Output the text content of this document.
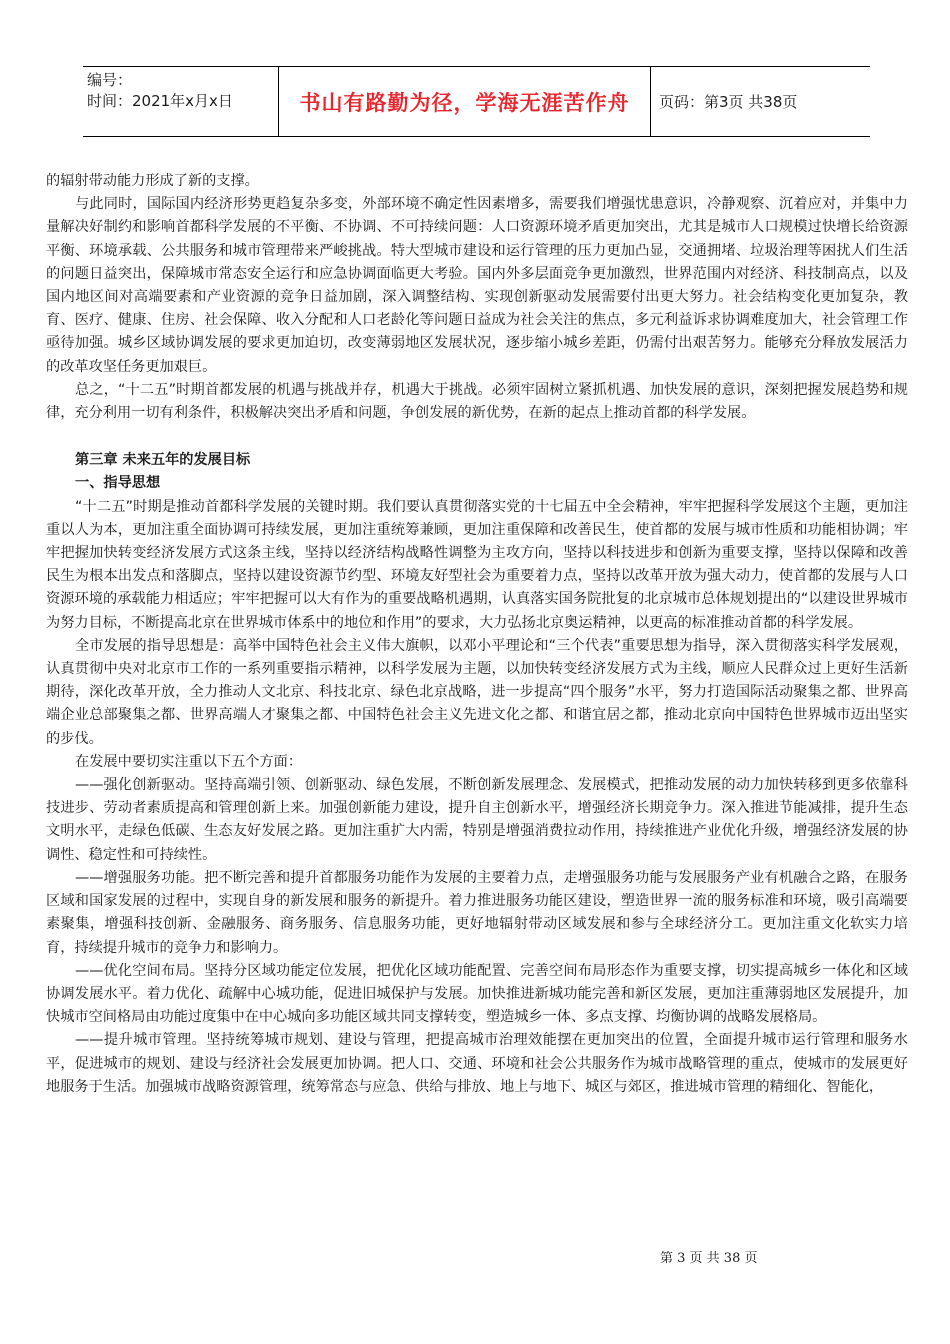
编号：
时间：2021年x月x日	书山有路勤为径，学海无涯苦作舟	页码：第3页 共38页

的辐射带动能力形成了新的支撑。

与此同时，国际国内经济形势更趋复杂多变，外部环境不确定性因素增多，需要我们增强忧患意识，冷静观察、沉着应对，并集中力量解决好制约和影响首都科学发展的不平衡、不协调、不可持续问题：人口资源环境矛盾更加突出，尤其是城市人口规模过快增长给资源平衡、环境承载、公共服务和城市管理带来严峻挑战。特大型城市建设和运行管理的压力更加凸显，交通拥堵、垃圾治理等困扰人们生活的问题日益突出，保障城市常态安全运行和应急协调面临更大考验。国内外多层面竞争更加激烈，世界范围内对经济、科技制高点，以及国内地区间对高端要素和产业资源的竞争日益加剧，深入调整结构、实现创新驱动发展需要付出更大努力。社会结构变化更加复杂，教育、医疗、健康、住房、社会保障、收入分配和人口老龄化等问题日益成为社会关注的焦点，多元利益诉求协调难度加大，社会管理工作亟待加强。城乡区域协调发展的要求更加迫切，改变薄弱地区发展状况，逐步缩小城乡差距，仍需付出艰苦努力。能够充分释放发展活力的改革攻坚任务更加艰巨。

总之，“十二五”时期首都发展的机遇与挑战并存，机遇大于挑战。必须牢固树立紧抓机遇、加快发展的意识，深刻把握发展趋势和规律，充分利用一切有利条件，积极解决突出矛盾和问题，争创发展的新优势，在新的起点上推动首都的科学发展。

第三章 未来五年的发展目标

一、指导思想

“十二五”时期是推动首都科学发展的关键时期。我们要认真贯彻落实党的十七届五中全会精神，牢牢把握科学发展这个主题，更加注重以人为本，更加注重全面协调可持续发展，更加注重统筹兼顾，更加注重保障和改善民生，使首都的发展与城市性质和功能相协调；牢牢把握加快转变经济发展方式这条主线，坚持以经济结构战略性调整为主攻方向，坚持以科技进步和创新为重要支撑，坚持以保障和改善民生为根本出发点和落脚点，坚持以建设资源节约型、环境友好型社会为重要着力点，坚持以改革开放为强大动力，使首都的发展与人口资源环境的承载能力相适应；牢牢把握可以大有作为的重要战略机遇期，认真落实国务院批复的北京城市总体规划提出的“以建设世界城市为努力目标，不断提高北京在世界城市体系中的地位和作用”的要求，大力弘扬北京奥运精神，以更高的标准推动首都的科学发展。

全市发展的指导思想是：高举中国特色社会主义伟大旗帜，以邓小平理论和“三个代表”重要思想为指导，深入贯彻落实科学发展观，认真贯彻中央对北京市工作的一系列重要指示精神，以科学发展为主题，以加快转变经济发展方式为主线，顺应人民群众过上更好生活新期待，深化改革开放，全力推动人文北京、科技北京、绿色北京战略，进一步提高“四个服务”水平，努力打造国际活动聚集之都、世界高端企业总部聚集之都、世界高端人才聚集之都、中国特色社会主义先进文化之都、和谐宜居之都，推动北京向中国特色世界城市迈出坚实的步伐。

在发展中要切实注重以下五个方面：

——强化创新驱动。坚持高端引领、创新驱动、绿色发展，不断创新发展理念、发展模式，把推动发展的动力加快转移到更多依靠科技进步、劳动者素质提高和管理创新上来。加强创新能力建设，提升自主创新水平，增强经济长期竞争力。深入推进节能减排，提升生态文明水平，走绿色低碳、生态友好发展之路。更加注重扩大内需，特别是增强消费拉动作用，持续推进产业优化升级，增强经济发展的协调性、稳定性和可持续性。

——增强服务功能。把不断完善和提升首都服务功能作为发展的主要着力点，走增强服务功能与发展服务产业有机融合之路，在服务区域和国家发展的过程中，实现自身的新发展和服务的新提升。着力推进服务功能区建设，塑造世界一流的服务标准和环境，吸引高端要素聚集，增强科技创新、金融服务、商务服务、信息服务功能，更好地辐射带动区域发展和参与全球经济分工。更加注重文化软实力培育，持续提升城市的竞争力和影响力。

——优化空间布局。坚持分区域功能定位发展，把优化区域功能配置、完善空间布局形态作为重要支撑，切实提高城乡一体化和区域协调发展水平。着力优化、疏解中心城功能，促进旧城保护与发展。加快推进新城功能完善和新区发展，更加注重薄弱地区发展提升，加快城市空间格局由功能过度集中在中心城向多功能区域共同支撑转变，塑造城乡一体、多点支撑、均衡协调的战略发展格局。

——提升城市管理。坚持统筹城市规划、建设与管理，把提高城市治理效能摆在更加突出的位置，全面提升城市运行管理和服务水平，促进城市的规划、建设与经济社会发展更加协调。把人口、交通、环境和社会公共服务作为城市战略管理的重点，使城市的发展更好地服务于生活。加强城市战略资源管理，统筹常态与应急、供给与排放、地上与地下、城区与郊区，推进城市管理的精细化、智能化，

第 3 页 共 38 页
